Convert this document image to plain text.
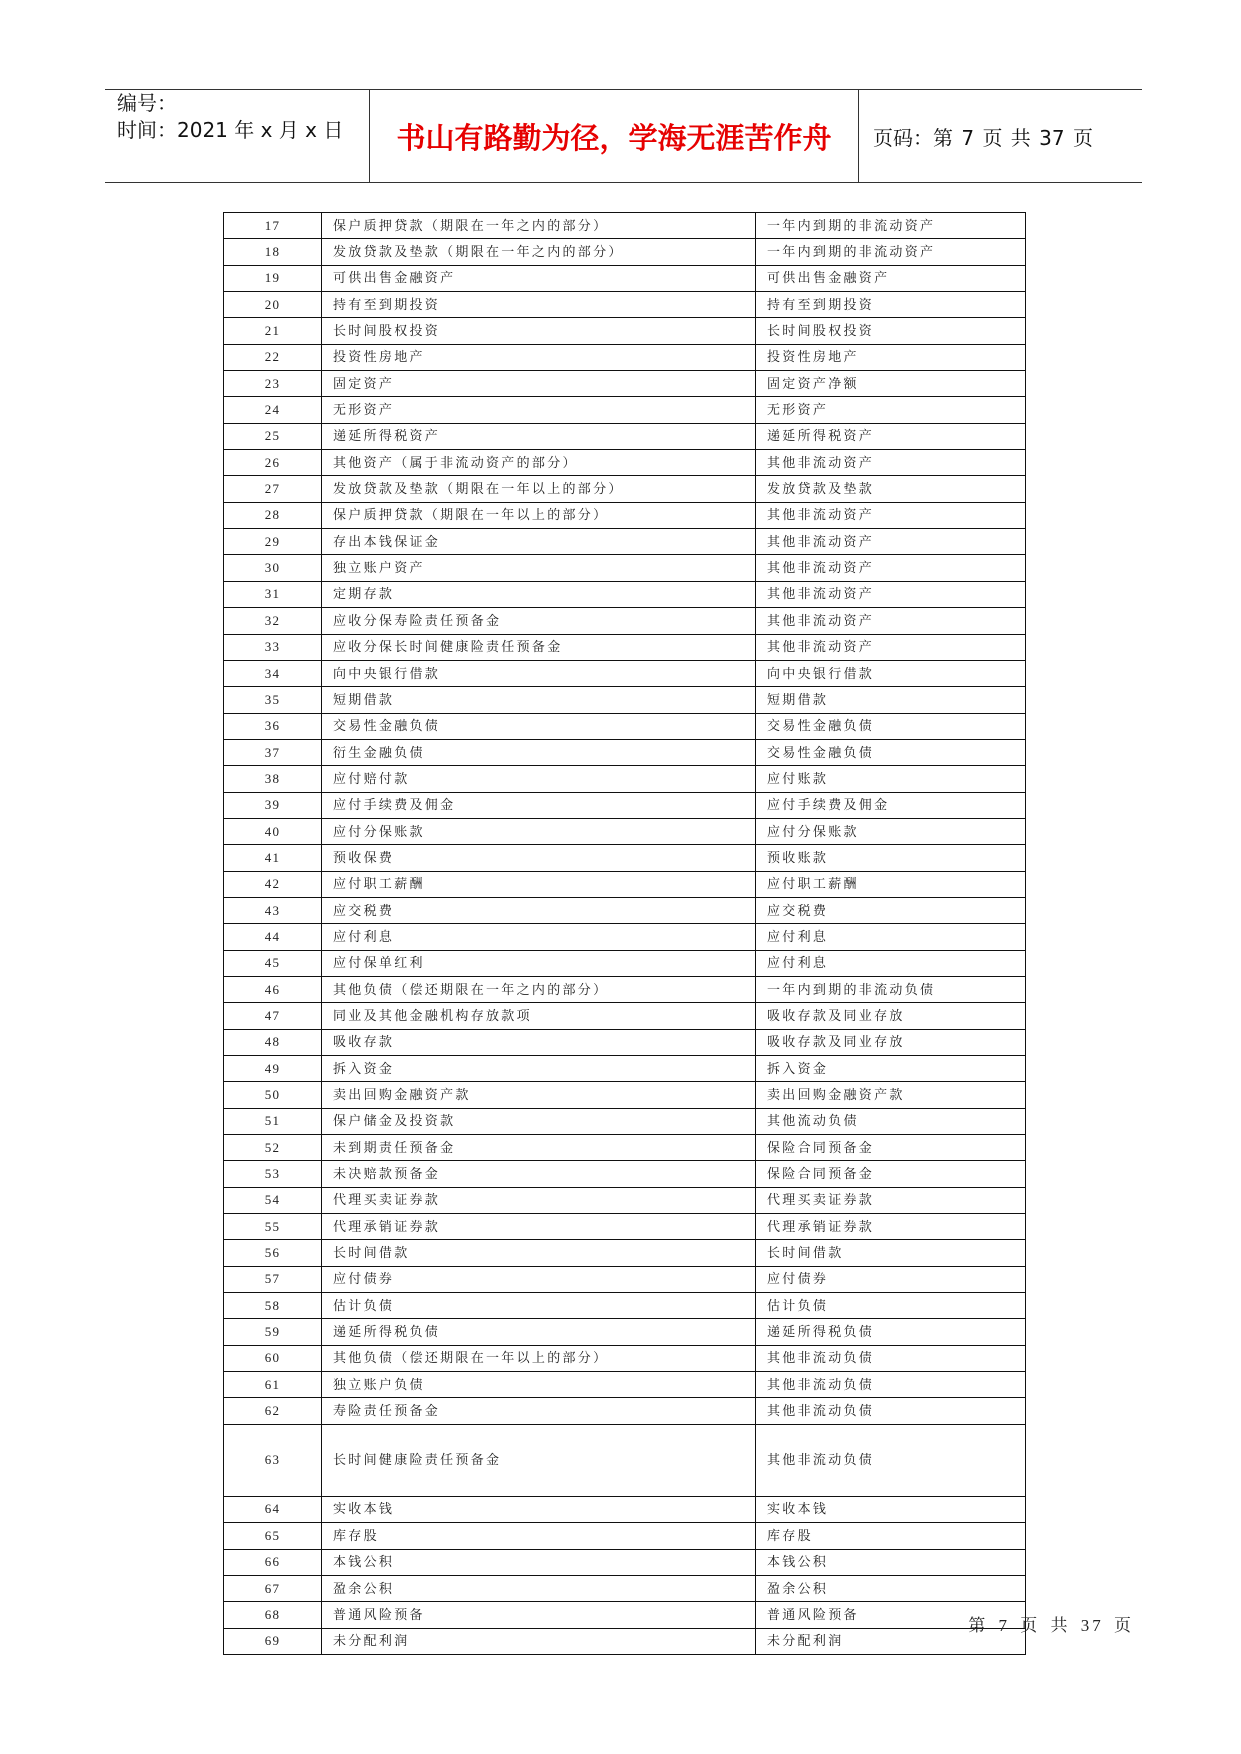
编号：
时间：2021 年 x 月 x 日	书山有路勤为径，学海无涯苦作舟	页码：第 7 页 共 37 页
17	保户质押贷款（期限在一年之内的部分）	一年内到期的非流动资产
18	发放贷款及垫款（期限在一年之内的部分）	一年内到期的非流动资产
19	可供出售金融资产	可供出售金融资产
20	持有至到期投资	持有至到期投资
21	长时间股权投资	长时间股权投资
22	投资性房地产	投资性房地产
23	固定资产	固定资产净额
24	无形资产	无形资产
25	递延所得税资产	递延所得税资产
26	其他资产（属于非流动资产的部分）	其他非流动资产
27	发放贷款及垫款（期限在一年以上的部分）	发放贷款及垫款
28	保户质押贷款（期限在一年以上的部分）	其他非流动资产
29	存出本钱保证金	其他非流动资产
30	独立账户资产	其他非流动资产
31	定期存款	其他非流动资产
32	应收分保寿险责任预备金	其他非流动资产
33	应收分保长时间健康险责任预备金	其他非流动资产
34	向中央银行借款	向中央银行借款
35	短期借款	短期借款
36	交易性金融负债	交易性金融负债
37	衍生金融负债	交易性金融负债
38	应付赔付款	应付账款
39	应付手续费及佣金	应付手续费及佣金
40	应付分保账款	应付分保账款
41	预收保费	预收账款
42	应付职工薪酬	应付职工薪酬
43	应交税费	应交税费
44	应付利息	应付利息
45	应付保单红利	应付利息
46	其他负债（偿还期限在一年之内的部分）	一年内到期的非流动负债
47	同业及其他金融机构存放款项	吸收存款及同业存放
48	吸收存款	吸收存款及同业存放
49	拆入资金	拆入资金
50	卖出回购金融资产款	卖出回购金融资产款
51	保户储金及投资款	其他流动负债
52	未到期责任预备金	保险合同预备金
53	未决赔款预备金	保险合同预备金
54	代理买卖证券款	代理买卖证券款
55	代理承销证券款	代理承销证券款
56	长时间借款	长时间借款
57	应付债券	应付债券
58	估计负债	估计负债
59	递延所得税负债	递延所得税负债
60	其他负债（偿还期限在一年以上的部分）	其他非流动负债
61	独立账户负债	其他非流动负债
62	寿险责任预备金	其他非流动负债
63	长时间健康险责任预备金	其他非流动负债
64	实收本钱	实收本钱
65	库存股	库存股
66	本钱公积	本钱公积
67	盈余公积	盈余公积
68	普通风险预备	普通风险预备
69	未分配利润	未分配利润
第 7 页 共 37 页
